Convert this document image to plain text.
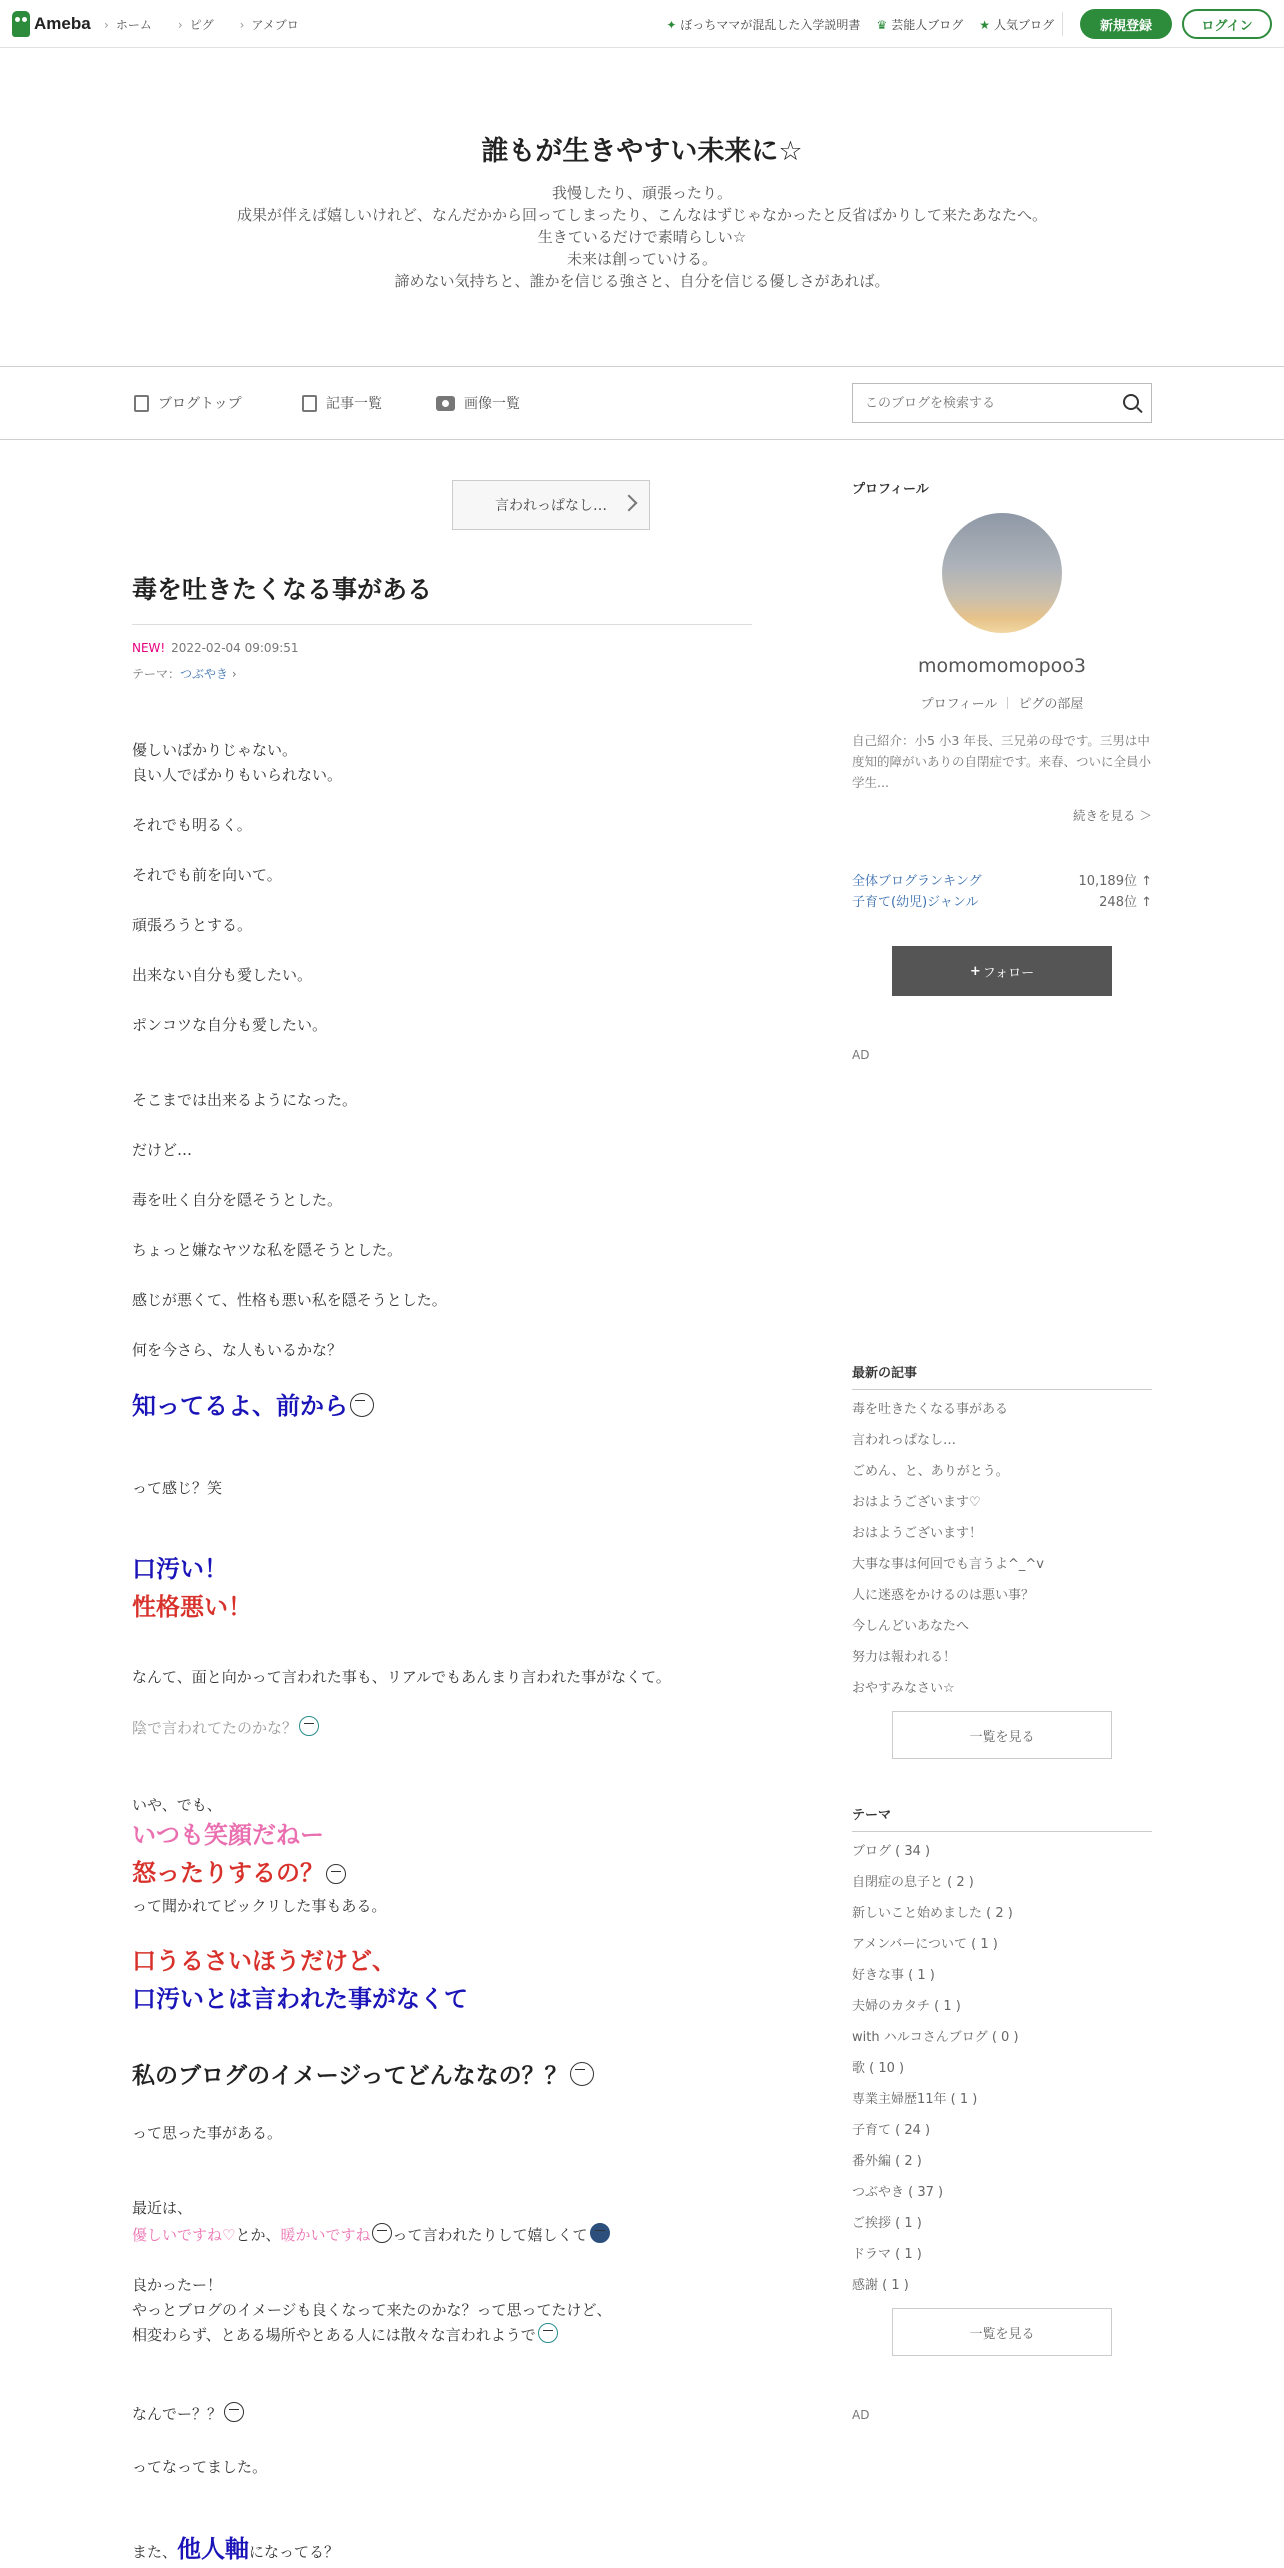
Ameba	› ホーム	› ピグ	› アメブロ	✦ ぼっちママが混乱した入学説明書 ♛ 芸能人ブログ ★ 人気ブログ	新規登録	ログイン
誰もが生きやすい未来に☆
我慢したり、頑張ったり。
成果が伴えば嬉しいけれど、なんだかから回ってしまったり、こんなはずじゃなかったと反省ばかりして来たあなたへ。
生きているだけで素晴らしい☆
未来は創っていける。
諦めない気持ちと、誰かを信じる強さと、自分を信じる優しさがあれば。
ブログトップ	記事一覧	画像一覧
このブログを検索する
言われっぱなし…
毒を吐きたくなる事がある
NEW! 2022-02-04 09:09:51
テーマ：つぶやき ›
優しいばかりじゃない。
良い人でばかりもいられない。
それでも明るく。
それでも前を向いて。
頑張ろうとする。
出来ない自分も愛したい。
ポンコツな自分も愛したい。
そこまでは出来るようになった。
だけど…
毒を吐く自分を隠そうとした。
ちょっと嫌なヤツな私を隠そうとした。
感じが悪くて、性格も悪い私を隠そうとした。
何を今さら、な人もいるかな？
知ってるよ、前から
って感じ？笑
口汚い！
性格悪い！
なんて、面と向かって言われた事も、リアルでもあんまり言われた事がなくて。
陰で言われてたのかな？
いや、でも、
いつも笑顔だねー
怒ったりするの？
って聞かれてビックリした事もある。
口うるさいほうだけど、
口汚いとは言われた事がなくて
私のブログのイメージってどんななの？？
って思った事がある。
最近は、
優しいですね♡とか、暖かいですね って言われたりして嬉しくて
良かったー！
やっとブログのイメージも良くなって来たのかな？って思ってたけど、
相変わらず、とある場所やとある人には散々な言われようで
なんでー？？
ってなってました。
また、他人軸になってる？
プロフィール
momomomopoo3
プロフィール ピグの部屋
自己紹介：小5 小3 年長、三兄弟の母です。三男は中度知的障がいありの自閉症です。来春、ついに全員小学生...
続きを見る ＞
全体ブログランキング	10,189位 ↑
子育て(幼児)ジャンル	248位 ↑
+ フォロー
AD
最新の記事
毒を吐きたくなる事がある
言われっぱなし…
ごめん、と、ありがとう。
おはようございます♡
おはようございます！
大事な事は何回でも言うよ^_^v
人に迷惑をかけるのは悪い事？
今しんどいあなたへ
努力は報われる！
おやすみなさい☆
一覧を見る
テーマ
ブログ ( 34 )
自閉症の息子と ( 2 )
新しいこと始めました ( 2 )
アメンバーについて ( 1 )
好きな事 ( 1 )
夫婦のカタチ ( 1 )
with ハルコさんブログ ( 0 )
歌 ( 10 )
専業主婦歴11年 ( 1 )
子育て ( 24 )
番外編 ( 2 )
つぶやき ( 37 )
ご挨拶 ( 1 )
ドラマ ( 1 )
感謝 ( 1 )
一覧を見る
AD
